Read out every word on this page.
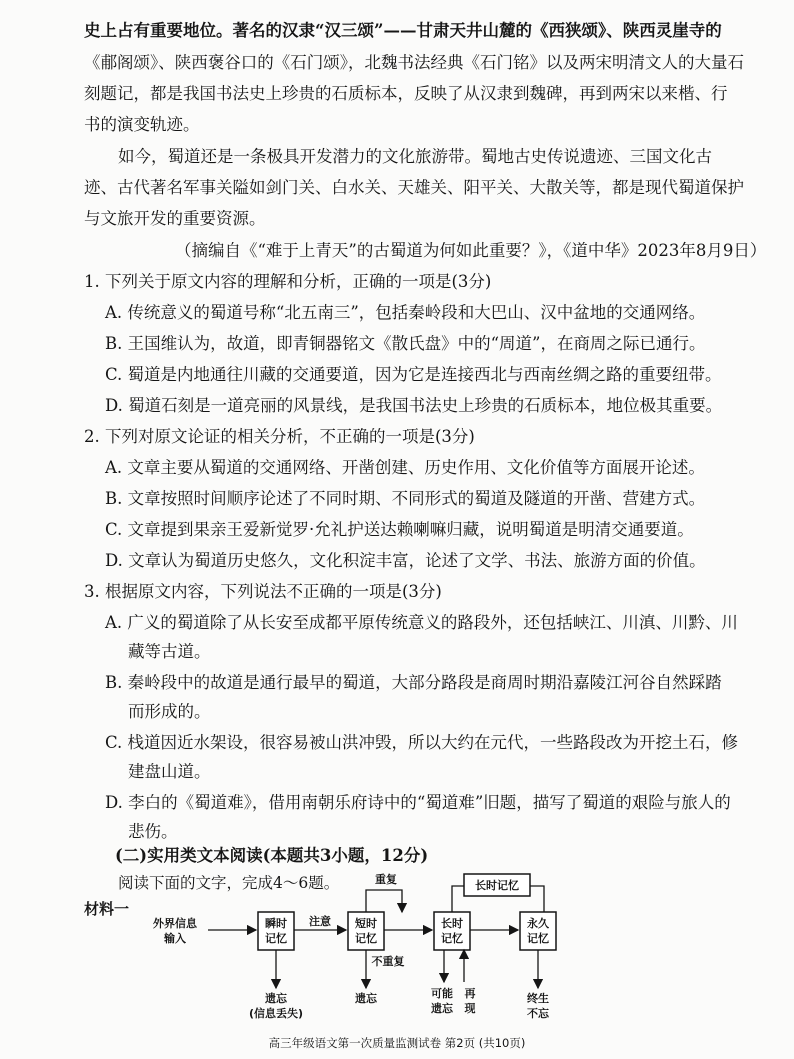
史上占有重要地位。著名的汉隶“汉三颂”——甘肃天井山麓的《西狭颂》、陕西灵崖寺的
《郙阁颂》、陕西褒谷口的《石门颂》，北魏书法经典《石门铭》以及两宋明清文人的大量石
刻题记，都是我国书法史上珍贵的石质标本，反映了从汉隶到魏碑，再到两宋以来楷、行
书的演变轨迹。
如今，蜀道还是一条极具开发潜力的文化旅游带。蜀地古史传说遗迹、三国文化古
迹、古代著名军事关隘如剑门关、白水关、天雄关、阳平关、大散关等，都是现代蜀道保护
与文旅开发的重要资源。
（摘编自《“难于上青天”的古蜀道为何如此重要？》，《道中华》2023年8月9日）
1. 下列关于原文内容的理解和分析，正确的一项是(3分)
A. 传统意义的蜀道号称“北五南三”，包括秦岭段和大巴山、汉中盆地的交通网络。
B. 王国维认为，故道，即青铜器铭文《散氏盘》中的“周道”，在商周之际已通行。
C. 蜀道是内地通往川藏的交通要道，因为它是连接西北与西南丝绸之路的重要纽带。
D. 蜀道石刻是一道亮丽的风景线，是我国书法史上珍贵的石质标本，地位极其重要。
2. 下列对原文论证的相关分析，不正确的一项是(3分)
A. 文章主要从蜀道的交通网络、开凿创建、历史作用、文化价值等方面展开论述。
B. 文章按照时间顺序论述了不同时期、不同形式的蜀道及隧道的开凿、营建方式。
C. 文章提到果亲王爱新觉罗·允礼护送达赖喇嘛归藏，说明蜀道是明清交通要道。
D. 文章认为蜀道历史悠久，文化积淀丰富，论述了文学、书法、旅游方面的价值。
3. 根据原文内容，下列说法不正确的一项是(3分)
A. 广义的蜀道除了从长安至成都平原传统意义的路段外，还包括峡江、川滇、川黔、川
藏等古道。
B. 秦岭段中的故道是通行最早的蜀道，大部分路段是商周时期沿嘉陵江河谷自然踩踏
而形成的。
C. 栈道因近水架设，很容易被山洪冲毁，所以大约在元代，一些路段改为开挖土石，修
建盘山道。
D. 李白的《蜀道难》，借用南朝乐府诗中的“蜀道难”旧题，描写了蜀道的艰险与旅人的
悲伤。
(二)实用类文本阅读(本题共3小题，12分)
阅读下面的文字，完成4～6题。
材料一
外界信息
输入
瞬时
记忆
注意 短时
记忆
重复
长时
记忆
长时记忆
永久
记忆
遗忘
(信息丢失)
不重复
遗忘	可能
遗忘
再
现
终生
不忘
高三年级语文第一次质量监测试卷 第2页 (共10页)
